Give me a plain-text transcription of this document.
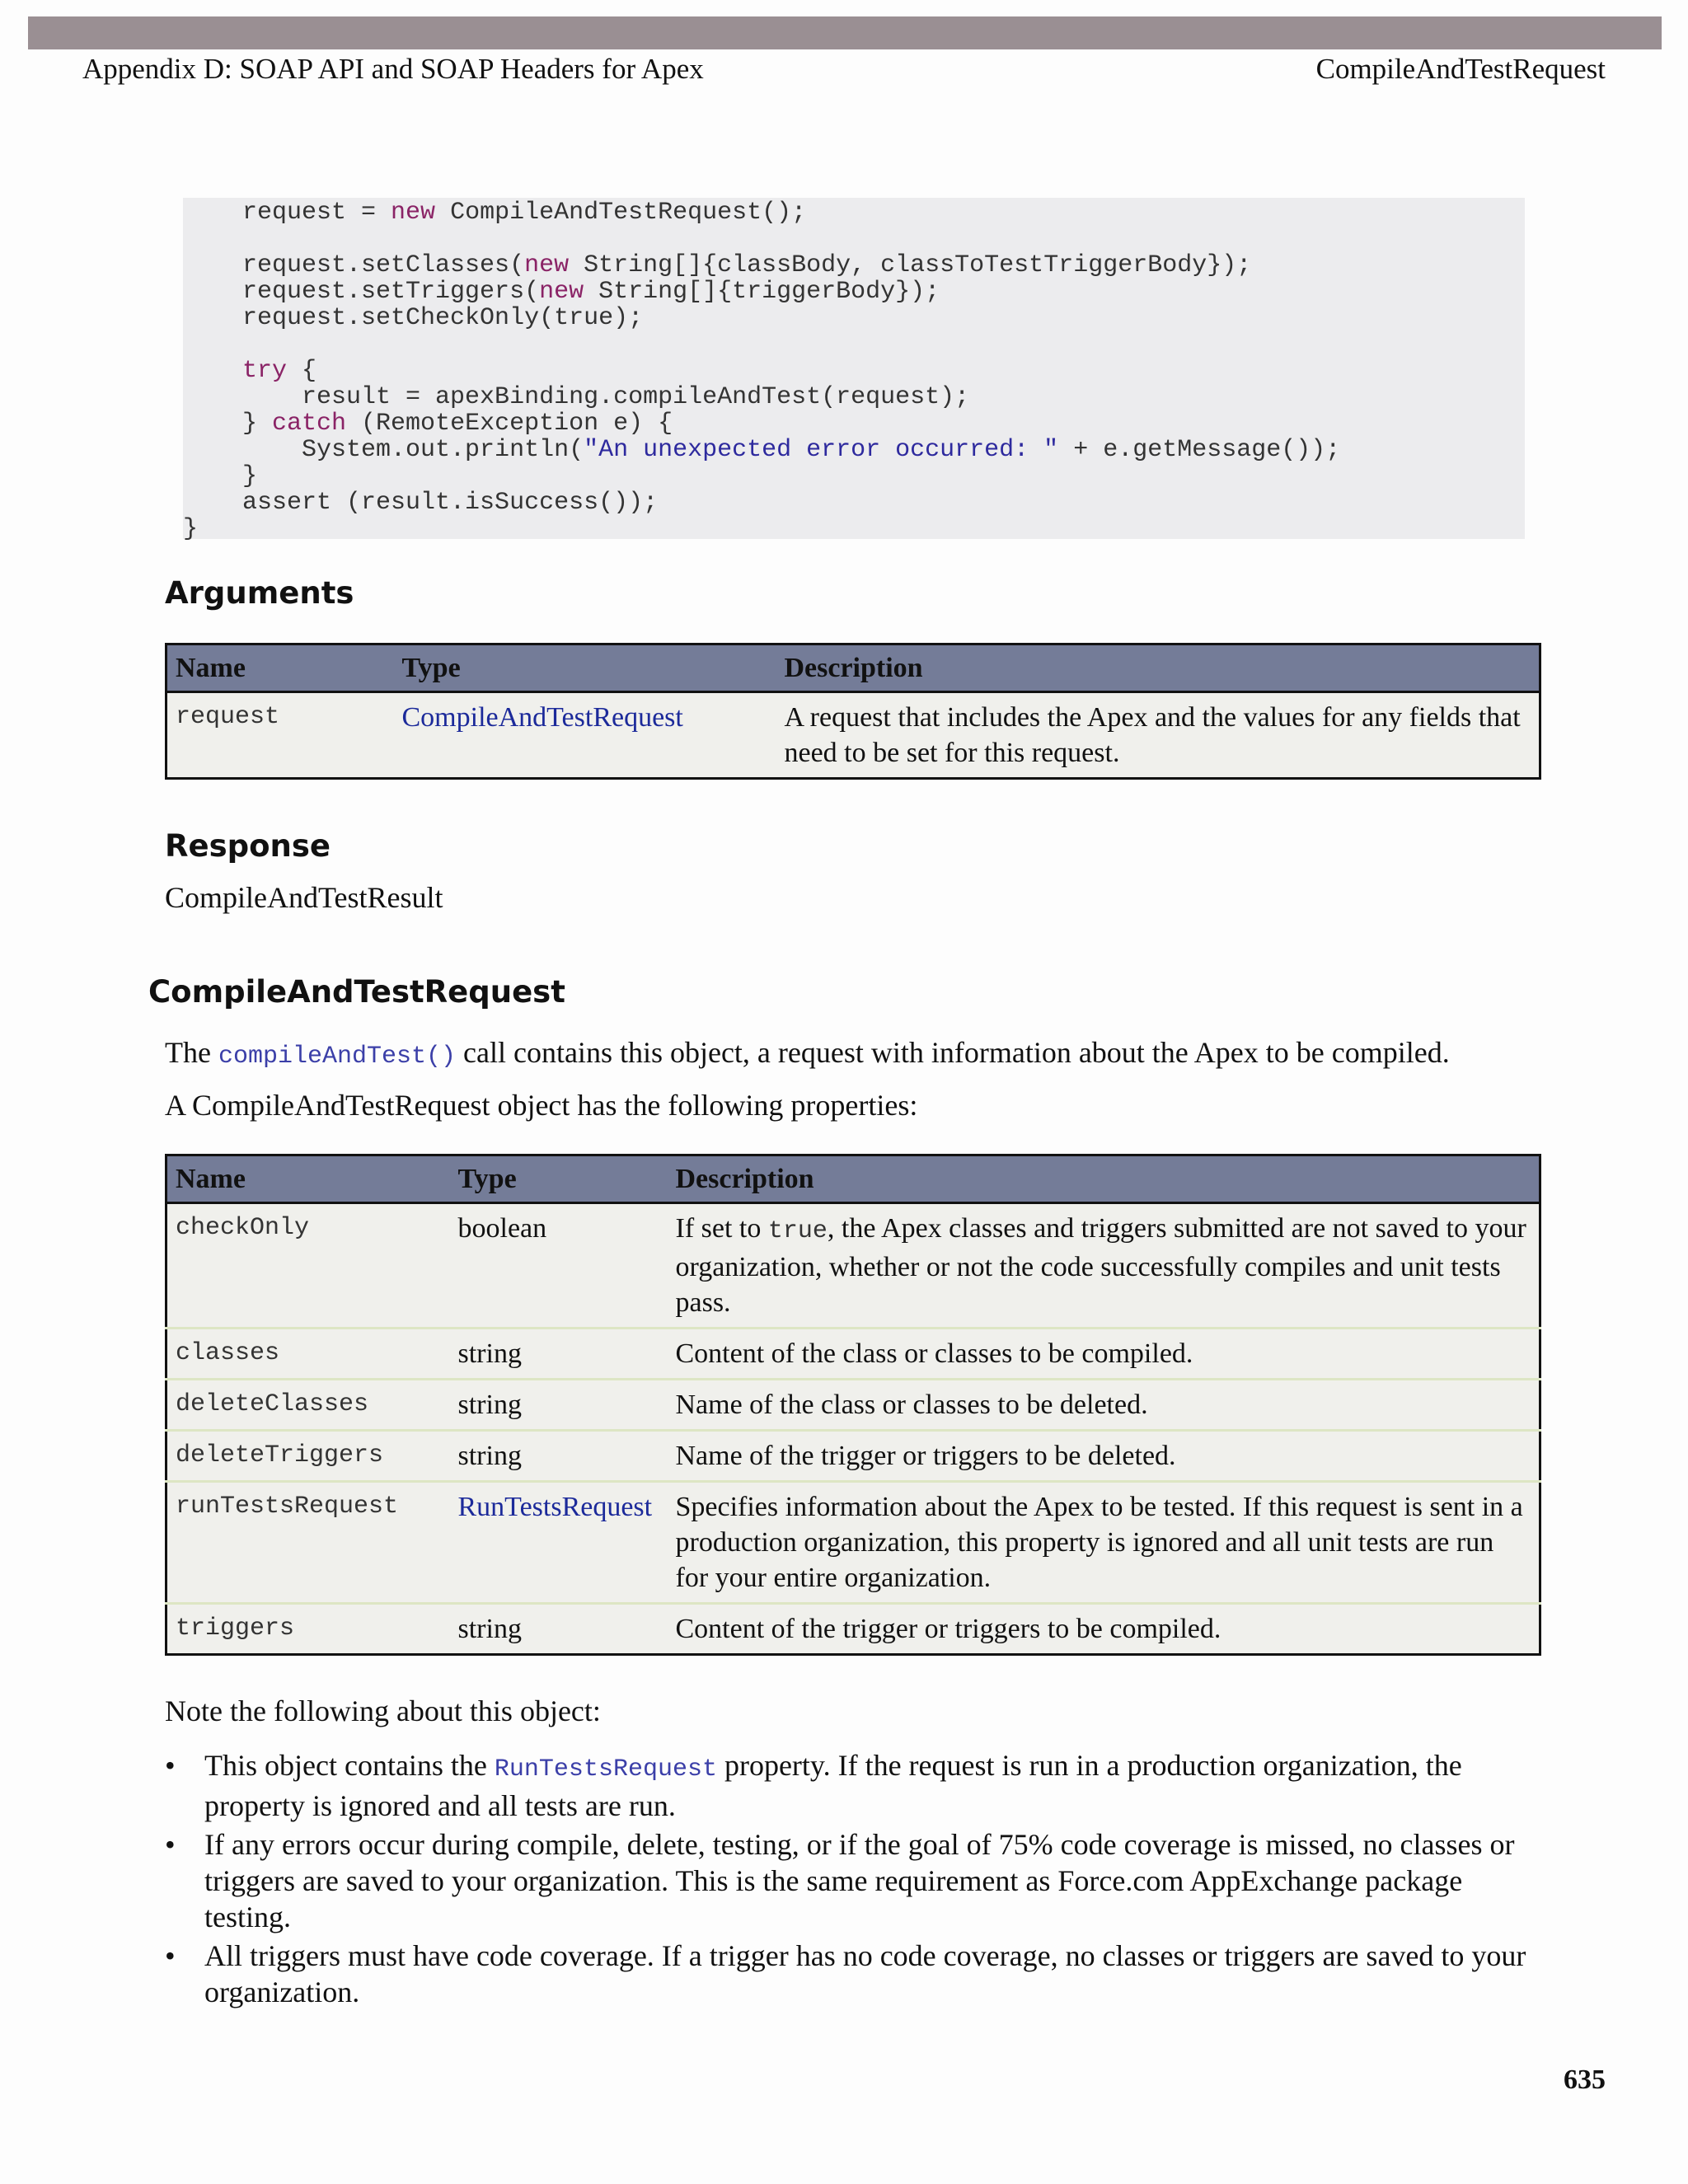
Appendix D: SOAP API and SOAP Headers for Apex	CompileAndTestRequest
request = new CompileAndTestRequest();
request.setClasses(new String[]{classBody, classToTestTriggerBody});
request.setTriggers(new String[]{triggerBody});
request.setCheckOnly(true);
try {
result = apexBinding.compileAndTest(request);
} catch (RemoteException e) {
System.out.println("An unexpected error occurred: " + e.getMessage());
}
assert (result.isSuccess());
}
Arguments
Name	Type	Description
request	CompileAndTestRequest	A request that includes the Apex and the values for any fields that need to be set for this request.
Response
CompileAndTestResult
CompileAndTestRequest
The compileAndTest() call contains this object, a request with information about the Apex to be compiled.
A CompileAndTestRequest object has the following properties:
Name	Type	Description
checkOnly	boolean	If set to true, the Apex classes and triggers submitted are not saved to your organization, whether or not the code successfully compiles and unit tests pass.
classes	string	Content of the class or classes to be compiled.
deleteClasses	string	Name of the class or classes to be deleted.
deleteTriggers	string	Name of the trigger or triggers to be deleted.
runTestsRequest	RunTestsRequest	Specifies information about the Apex to be tested. If this request is sent in a production organization, this property is ignored and all unit tests are run for your entire organization.
triggers	string	Content of the trigger or triggers to be compiled.
Note the following about this object:
• This object contains the RunTestsRequest property. If the request is run in a production organization, the property is ignored and all tests are run.
• If any errors occur during compile, delete, testing, or if the goal of 75% code coverage is missed, no classes or triggers are saved to your organization. This is the same requirement as Force.com AppExchange package testing.
• All triggers must have code coverage. If a trigger has no code coverage, no classes or triggers are saved to your organization.
635
